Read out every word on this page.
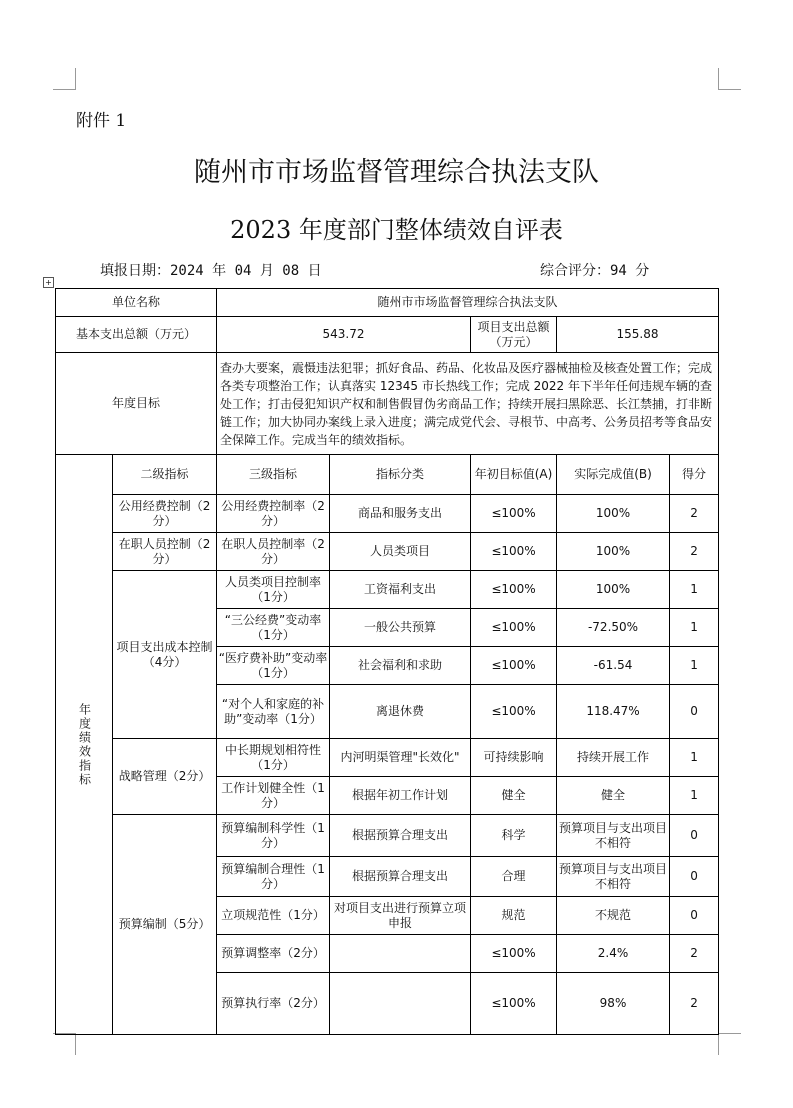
附件 1
随州市市场监督管理综合执法支队
2023 年度部门整体绩效自评表
填报日期：2024 年 04 月 08 日	综合评分：94 分
+
单位名称		随州市市场监督管理综合执法支队				
基本支出总额（万元）		543.72		项目支出总额（万元）	155.88	
年度目标		查办大要案，震慑违法犯罪；抓好食品、药品、化妆品及医疗器械抽检及核查处置工作；完成各类专项整治工作；认真落实 12345 市长热线工作；完成 2022 年下半年任何违规车辆的查处工作；打击侵犯知识产权和制售假冒伪劣商品工作；持续开展扫黑除恶、长江禁捕，打非断链工作；加大协同办案线上录入进度；满完成党代会、寻根节、中高考、公务员招考等食品安全保障工作。完成当年的绩效指标。				
年度绩效指标	二级指标	三级指标	指标分类	年初目标值(A)	实际完成值(B)	得分
	公用经费控制（2分）	公用经费控制率（2分）	商品和服务支出	≤100%	100%	2
	在职人员控制（2分）	在职人员控制率（2分）	人员类项目	≤100%	100%	2
	项目支出成本控制（4分）	人员类项目控制率（1分）	工资福利支出	≤100%	100%	1
		“三公经费”变动率（1分）	一般公共预算	≤100%	-72.50%	1
		“医疗费补助”变动率（1分）	社会福利和求助	≤100%	-61.54	1
		“对个人和家庭的补助”变动率（1分）	离退休费	≤100%	118.47%	0
	战略管理（2分）	中长期规划相符性（1分）	内河明渠管理"长效化"	可持续影响	持续开展工作	1
		工作计划健全性（1分）	根据年初工作计划	健全	健全	1
	预算编制（5分）	预算编制科学性（1分）	根据预算合理支出	科学	预算项目与支出项目不相符	0
		预算编制合理性（1分）	根据预算合理支出	合理	预算项目与支出项目不相符	0
		立项规范性（1分）	对项目支出进行预算立项申报	规范	不规范	0
		预算调整率（2分）		≤100%	2.4%	2
		预算执行率（2分）		≤100%	98%	2
